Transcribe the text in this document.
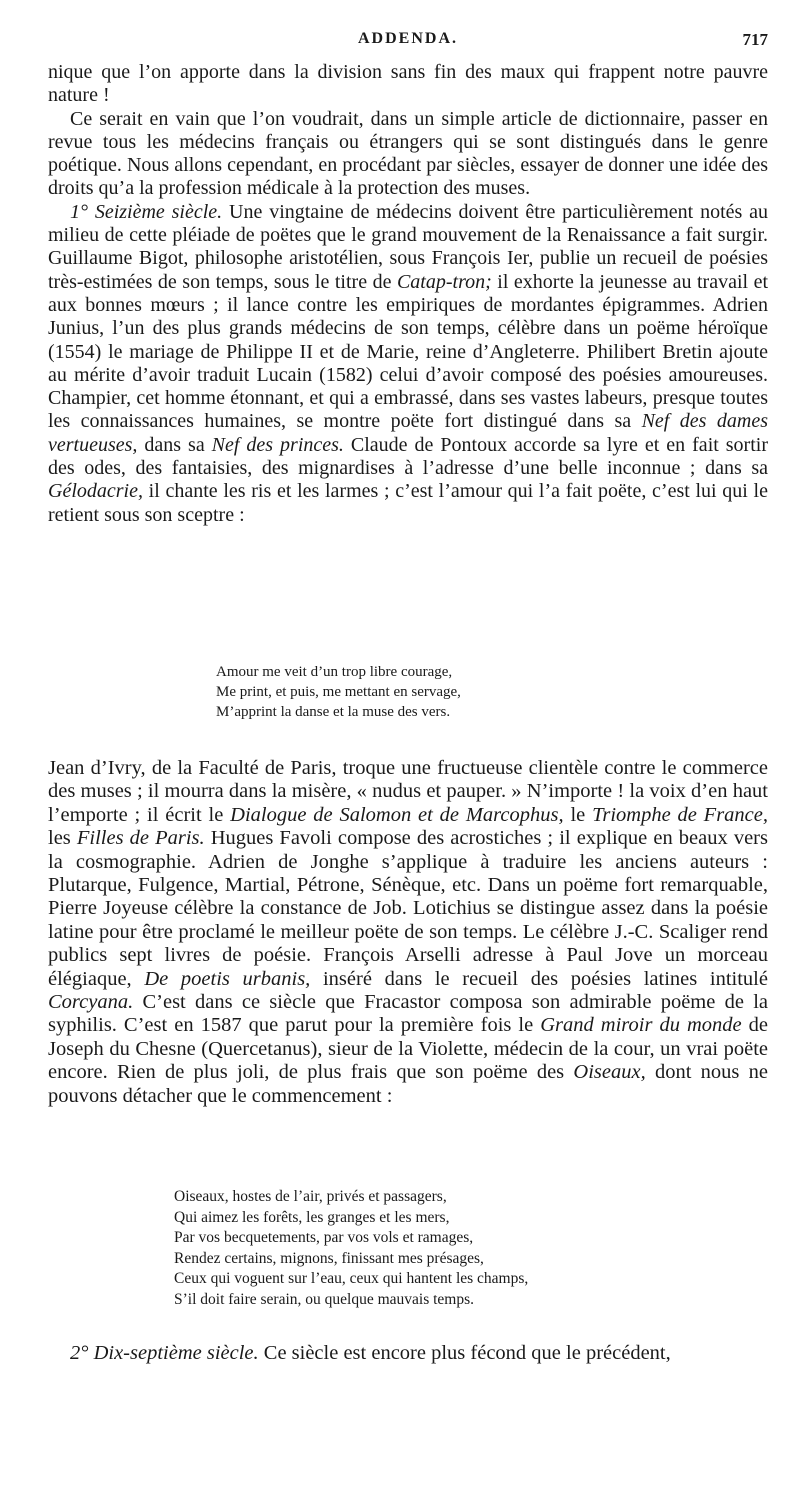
ADDENDA.	717

nique que l’on apporte dans la division sans fin des maux qui frappent notre pauvre nature !

Ce serait en vain que l’on voudrait, dans un simple article de dictionnaire, passer en revue tous les médecins français ou étrangers qui se sont distingués dans le genre poétique. Nous allons cependant, en procédant par siècles, essayer de donner une idée des droits qu’a la profession médicale à la protection des muses.

1° Seizième siècle. Une vingtaine de médecins doivent être particulièrement notés au milieu de cette pléiade de poëtes que le grand mouvement de la Renaissance a fait surgir. Guillaume Bigot, philosophe aristotélien, sous François Ier, publie un recueil de poésies très-estimées de son temps, sous le titre de Catap-tron; il exhorte la jeunesse au travail et aux bonnes mœurs ; il lance contre les empiriques de mordantes épigrammes. Adrien Junius, l’un des plus grands médecins de son temps, célèbre dans un poëme héroïque (1554) le mariage de Philippe II et de Marie, reine d’Angleterre. Philibert Bretin ajoute au mérite d’avoir traduit Lucain (1582) celui d’avoir composé des poésies amoureuses. Champier, cet homme étonnant, et qui a embrassé, dans ses vastes labeurs, presque toutes les connaissances humaines, se montre poëte fort distingué dans sa Nef des dames vertueuses, dans sa Nef des princes. Claude de Pontoux accorde sa lyre et en fait sortir des odes, des fantaisies, des mignardises à l’adresse d’une belle inconnue ; dans sa Gélodacrie, il chante les ris et les larmes ; c’est l’amour qui l’a fait poëte, c’est lui qui le retient sous son sceptre :

Amour me veit d’un trop libre courage,
Me print, et puis, me mettant en servage,
M’apprint la danse et la muse des vers.

Jean d’Ivry, de la Faculté de Paris, troque une fructueuse clientèle contre le commerce des muses ; il mourra dans la misère, « nudus et pauper. » N’importe ! la voix d’en haut l’emporte ; il écrit le Dialogue de Salomon et de Marcophus, le Triomphe de France, les Filles de Paris. Hugues Favoli compose des acrostiches ; il explique en beaux vers la cosmographie. Adrien de Jonghe s’applique à traduire les anciens auteurs : Plutarque, Fulgence, Martial, Pétrone, Sénèque, etc. Dans un poëme fort remarquable, Pierre Joyeuse célèbre la constance de Job. Lotichius se distingue assez dans la poésie latine pour être proclamé le meilleur poëte de son temps. Le célèbre J.-C. Scaliger rend publics sept livres de poésie. François Arselli adresse à Paul Jove un morceau élégiaque, De poetis urbanis, inséré dans le recueil des poésies latines intitulé Corcyana. C’est dans ce siècle que Fracastor composa son admirable poëme de la syphilis. C’est en 1587 que parut pour la première fois le Grand miroir du monde de Joseph du Chesne (Quercetanus), sieur de la Violette, médecin de la cour, un vrai poëte encore. Rien de plus joli, de plus frais que son poëme des Oiseaux, dont nous ne pouvons détacher que le commencement :

Oiseaux, hostes de l’air, privés et passagers,
Qui aimez les forêts, les granges et les mers,
Par vos becquetements, par vos vols et ramages,
Rendez certains, mignons, finissant mes présages,
Ceux qui voguent sur l’eau, ceux qui hantent les champs,
S’il doit faire serain, ou quelque mauvais temps.

2° Dix-septième siècle. Ce siècle est encore plus fécond que le précédent,
